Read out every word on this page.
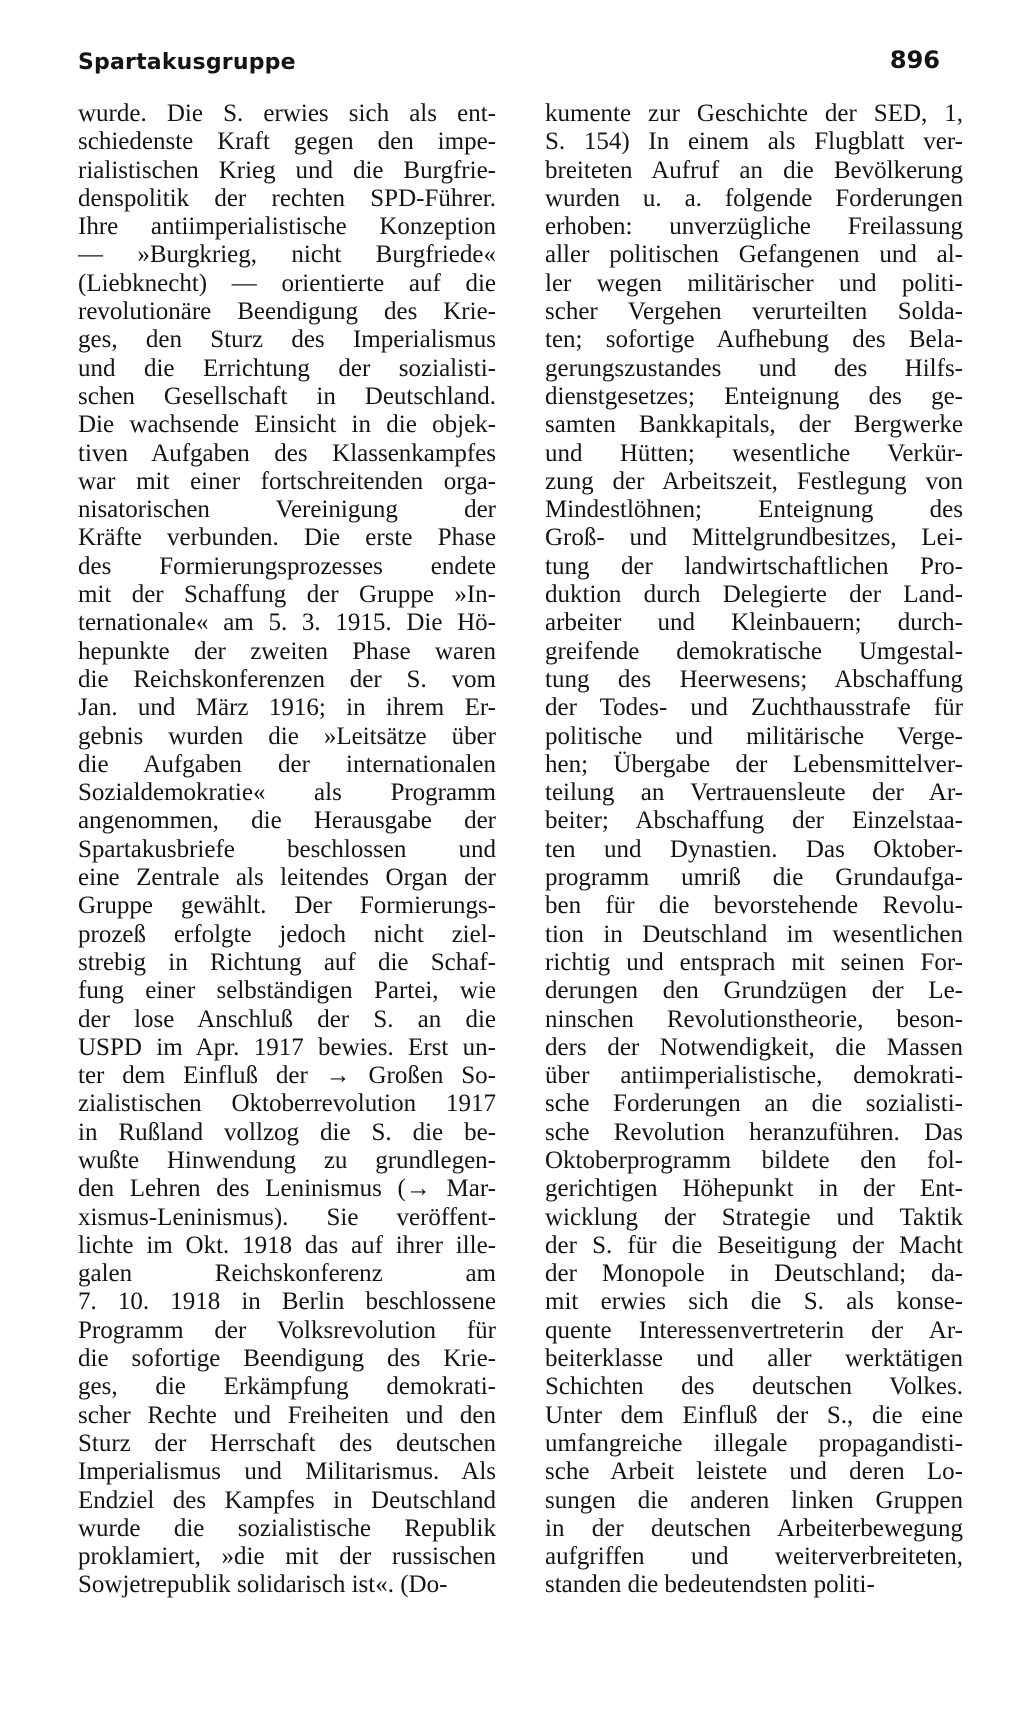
Spartakusgruppe	896
wurde. Die S. erwies sich als ent-
schiedenste Kraft gegen den impe-
rialistischen Krieg und die Burgfrie-
denspolitik der rechten SPD-Führer.
Ihre antiimperialistische Konzeption
— »Burgkrieg, nicht Burgfriede«
(Liebknecht) — orientierte auf die
revolutionäre Beendigung des Krie-
ges, den Sturz des Imperialismus
und die Errichtung der sozialisti-
schen Gesellschaft in Deutschland.
Die wachsende Einsicht in die objek-
tiven Aufgaben des Klassenkampfes
war mit einer fortschreitenden orga-
nisatorischen Vereinigung der
Kräfte verbunden. Die erste Phase
des Formierungsprozesses endete
mit der Schaffung der Gruppe »In-
ternationale« am 5. 3. 1915. Die Hö-
hepunkte der zweiten Phase waren
die Reichskonferenzen der S. vom
Jan. und März 1916; in ihrem Er-
gebnis wurden die »Leitsätze über
die Aufgaben der internationalen
Sozialdemokratie« als Programm
angenommen, die Herausgabe der
Spartakusbriefe beschlossen und
eine Zentrale als leitendes Organ der
Gruppe gewählt. Der Formierungs-
prozeß erfolgte jedoch nicht ziel-
strebig in Richtung auf die Schaf-
fung einer selbständigen Partei, wie
der lose Anschluß der S. an die
USPD im Apr. 1917 bewies. Erst un-
ter dem Einfluß der → Großen So-
zialistischen Oktoberrevolution 1917
in Rußland vollzog die S. die be-
wußte Hinwendung zu grundlegen-
den Lehren des Leninismus (→ Mar-
xismus-Leninismus). Sie veröffent-
lichte im Okt. 1918 das auf ihrer ille-
galen Reichskonferenz am
7. 10. 1918 in Berlin beschlossene
Programm der Volksrevolution für
die sofortige Beendigung des Krie-
ges, die Erkämpfung demokrati-
scher Rechte und Freiheiten und den
Sturz der Herrschaft des deutschen
Imperialismus und Militarismus. Als
Endziel des Kampfes in Deutschland
wurde die sozialistische Republik
proklamiert, »die mit der russischen
Sowjetrepublik solidarisch ist«. (Do-
kumente zur Geschichte der SED, 1,
S. 154) In einem als Flugblatt ver-
breiteten Aufruf an die Bevölkerung
wurden u. a. folgende Forderungen
erhoben: unverzügliche Freilassung
aller politischen Gefangenen und al-
ler wegen militärischer und politi-
scher Vergehen verurteilten Solda-
ten; sofortige Aufhebung des Bela-
gerungszustandes und des Hilfs-
dienstgesetzes; Enteignung des ge-
samten Bankkapitals, der Bergwerke
und Hütten; wesentliche Verkür-
zung der Arbeitszeit, Festlegung von
Mindestlöhnen; Enteignung des
Groß- und Mittelgrundbesitzes, Lei-
tung der landwirtschaftlichen Pro-
duktion durch Delegierte der Land-
arbeiter und Kleinbauern; durch-
greifende demokratische Umgestal-
tung des Heerwesens; Abschaffung
der Todes- und Zuchthausstrafe für
politische und militärische Verge-
hen; Übergabe der Lebensmittelver-
teilung an Vertrauensleute der Ar-
beiter; Abschaffung der Einzelstaa-
ten und Dynastien. Das Oktober-
programm umriß die Grundaufga-
ben für die bevorstehende Revolu-
tion in Deutschland im wesentlichen
richtig und entsprach mit seinen For-
derungen den Grundzügen der Le-
ninschen Revolutionstheorie, beson-
ders der Notwendigkeit, die Massen
über antiimperialistische, demokrati-
sche Forderungen an die sozialisti-
sche Revolution heranzuführen. Das
Oktoberprogramm bildete den fol-
gerichtigen Höhepunkt in der Ent-
wicklung der Strategie und Taktik
der S. für die Beseitigung der Macht
der Monopole in Deutschland; da-
mit erwies sich die S. als konse-
quente Interessenvertreterin der Ar-
beiterklasse und aller werktätigen
Schichten des deutschen Volkes.
Unter dem Einfluß der S., die eine
umfangreiche illegale propagandisti-
sche Arbeit leistete und deren Lo-
sungen die anderen linken Gruppen
in der deutschen Arbeiterbewegung
aufgriffen und weiterverbreiteten,
standen die bedeutendsten politi-
